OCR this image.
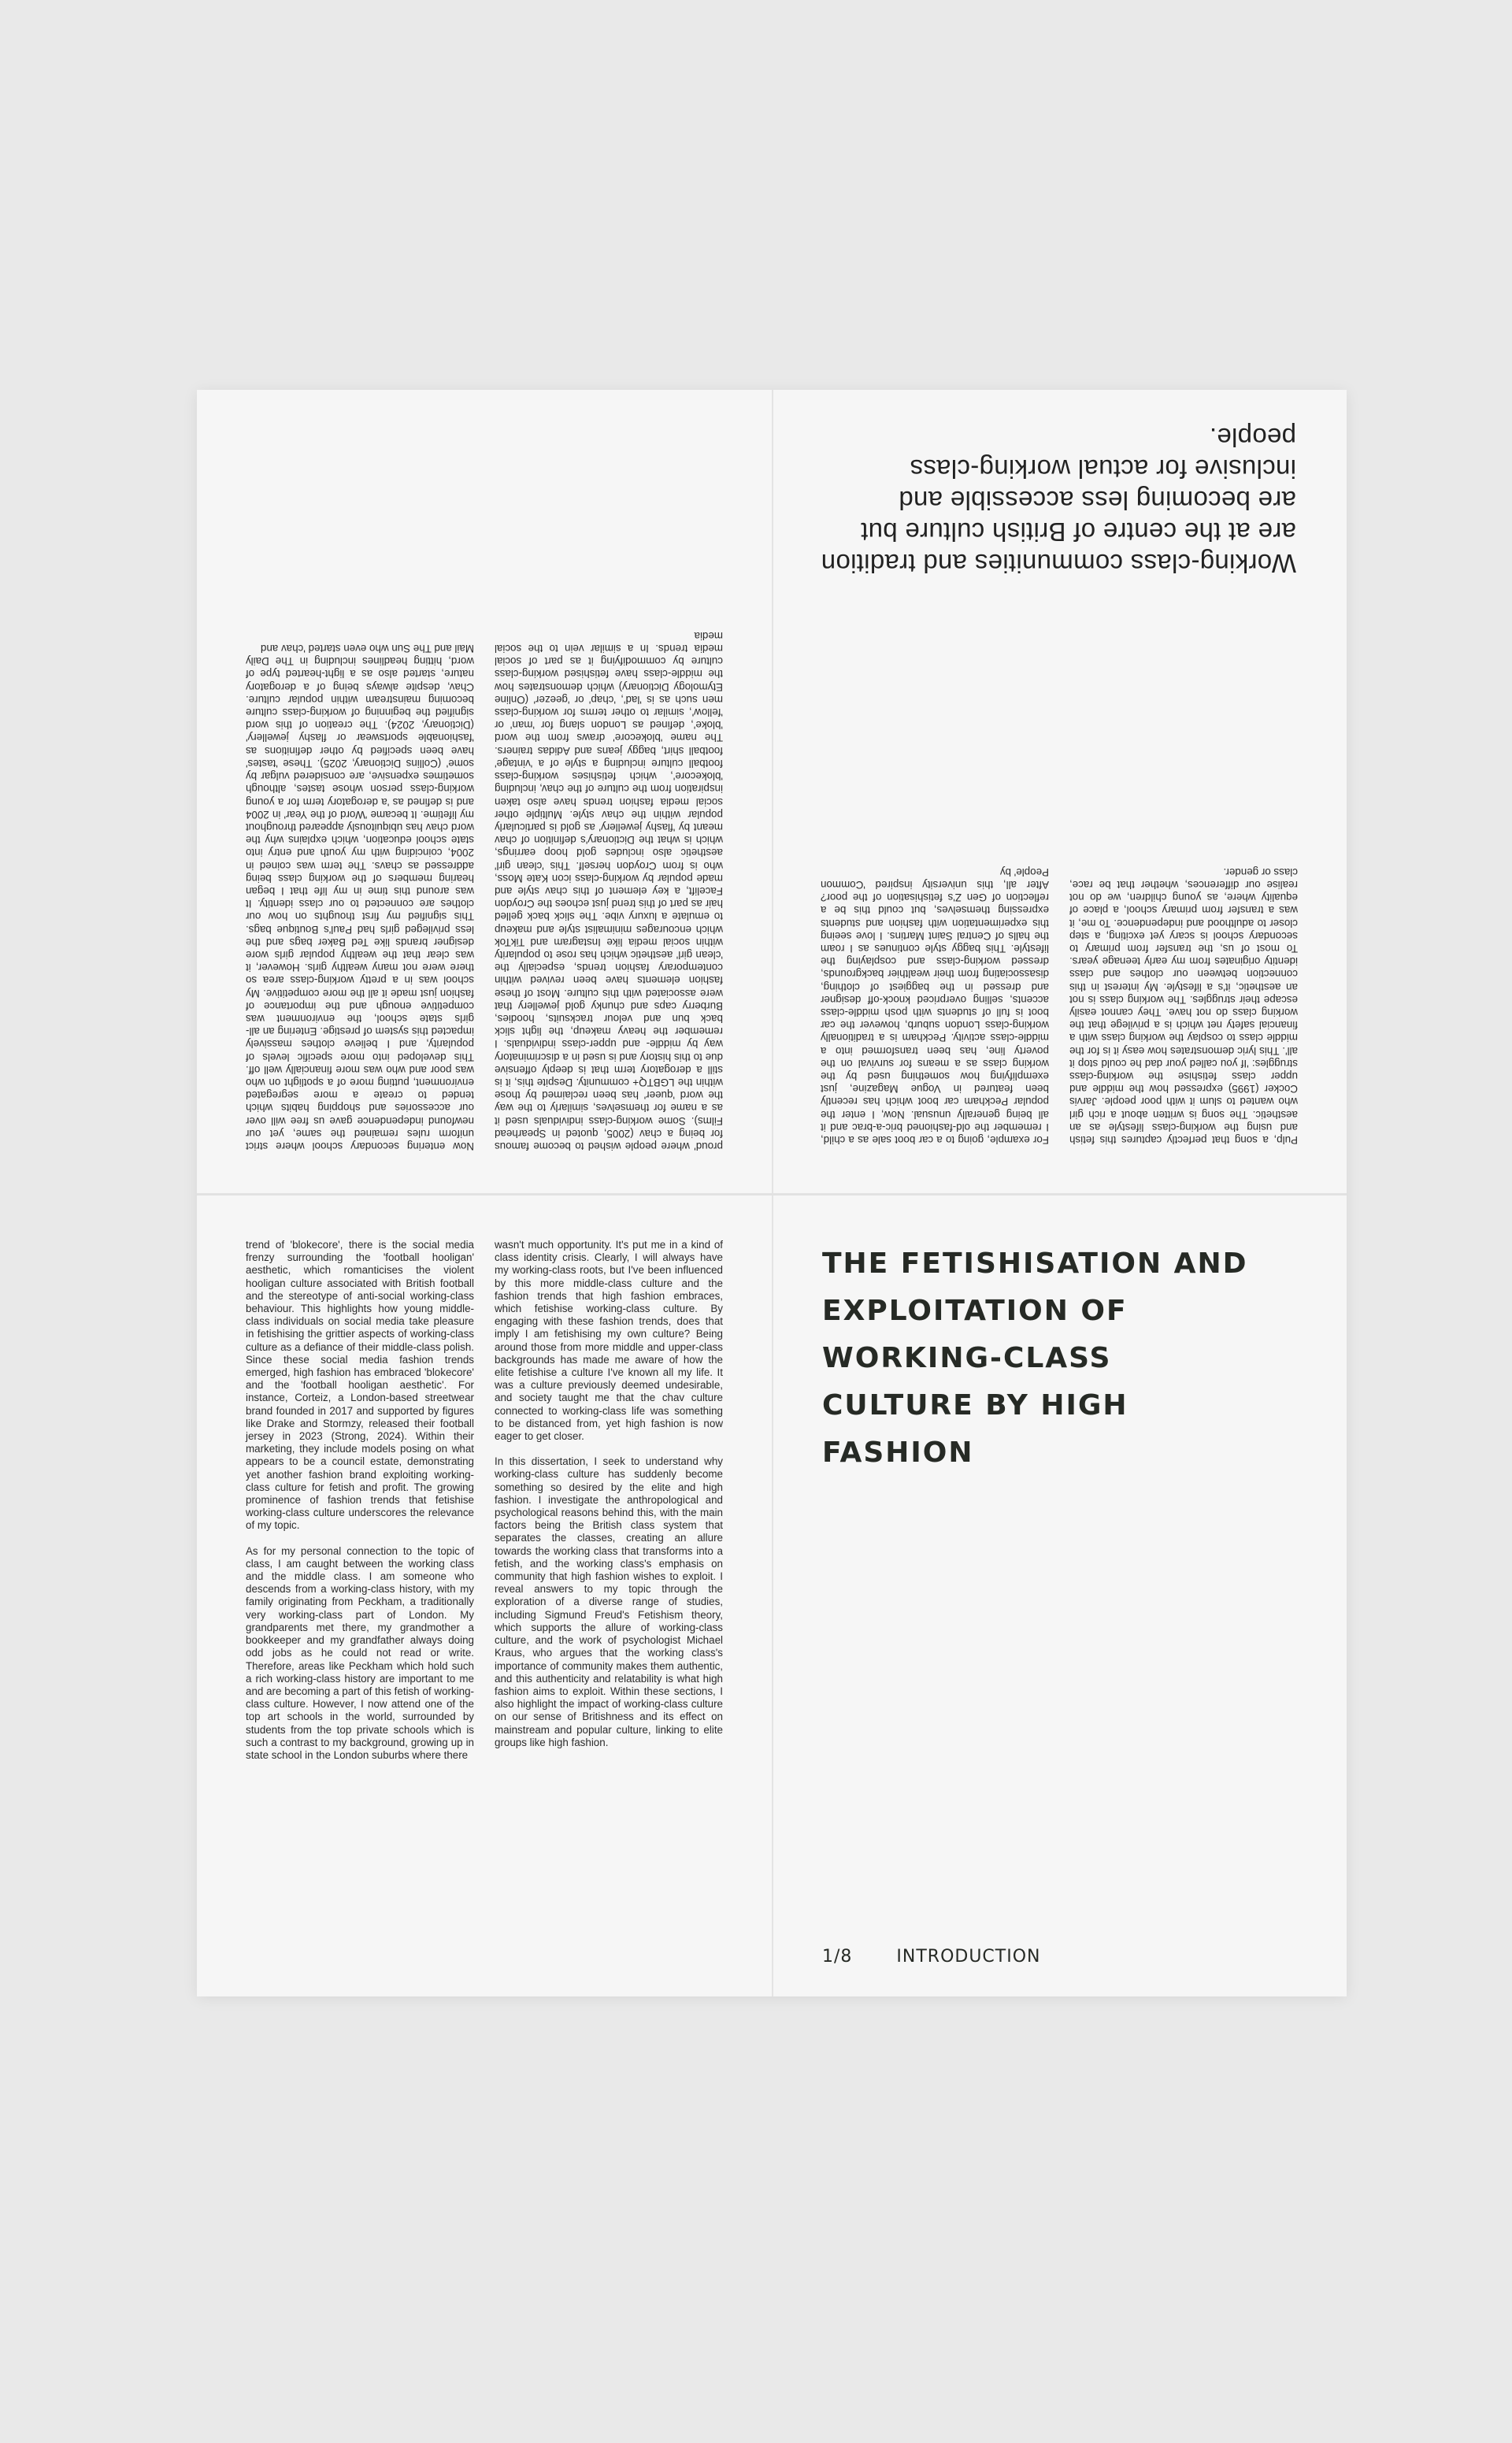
proud' where people wished to become famous for being a chav (2005, quoted in Spearhead Films). Some working-class individuals used it as a name for themselves, similarly to the way the word 'queer' has been reclaimed by those within the LGBTQ+ community. Despite this, it is still a derogatory term that is deeply offensive due to this history and is used in a discriminatory way by middle- and upper-class individuals. I remember the heavy makeup, the light slick back bun and velour tracksuits, hoodies, Burberry caps and chunky gold jewellery that were associated with this culture. Most of these fashion elements have been revived within contemporary fashion trends, especially the 'clean girl' aesthetic which has rose to popularity within social media like Instagram and TikTok which encourages minimalist style and makeup to emulate a luxury vibe. The slick back gelled hair as part of this trend just echoes the Croydon Facelift, a key element of this chav style and made popular by working-class icon Kate Moss, who is from Croydon herself. This 'clean girl' aesthetic also includes gold hoop earrings, which is what the Dictionary's definition of chav meant by 'flashy jewellery' as gold is particularly popular within the chav style. Multiple other social media fashion trends have also taken inspiration from the culture of the chav, including 'blokecore', which fetishises working-class football culture including a style of a 'vintage' football shirt, baggy jeans and Adidas trainers. The name 'blokecore' draws from the word 'bloke', defined as London slang for 'man' or 'fellow', similar to other terms for working-class men such as is 'lad', 'chap' or 'geezer' (Online Etymology Dictionary) which demonstrates how the middle-class have fetishised working-class culture by commodifying it as part of social media trends. In a similar vein to the social media

Now entering secondary school where strict uniform rules remained the same, yet our newfound independence gave us free will over our accessories and shopping habits which tended to create a more segregated environment, putting more of a spotlight on who was poor and who was more financially well off. This developed into more specific levels of popularity, and I believe clothes massively impacted this system of prestige. Entering an all-girls state school, the environment was competitive enough and the importance of fashion just made it all the more competitive. My school was in a pretty working-class area so there were not many wealthy girls. However, it was clear that the wealthy popular girls wore designer brands like Ted Baker bags and the less privileged girls had Paul's Boutique bags. This signified my first thoughts on how our clothes are connected to our class identity. It was around this time in my life that I began hearing members of the working class being addressed as chavs. The term was coined in 2004, coinciding with my youth and entry into state school education, which explains why the word chav has ubiquitously appeared throughout my lifetime. It became 'Word of the Year' in 2004 and is defined as 'a derogatory term for a young working-class person whose tastes, although sometimes expensive, are considered vulgar by some' (Collins Dictionary, 2025). These 'tastes' have been specified by other definitions as 'fashionable sportswear or flashy jewellery' (Dictionary, 2024). The creation of this word signified the beginning of working-class culture becoming mainstream within popular culture. Chav, despite always being of a derogatory nature, started also as a light-hearted type of word, hitting headlines including in The Daily Mail and The Sun who even started 'chav and

Working-class communities and tradition are at the centre of British culture but are becoming less accessible and inclusive for actual working-class people.

Pulp, a song that perfectly captures this fetish and using the working-class lifestyle as an aesthetic. The song is written about a rich girl who wanted to slum it with poor people. Jarvis Cocker (1995) expressed how the middle and upper class fetishise the working-class struggles: 'If you called your dad he could stop it all'. This lyric demonstrates how easy it is for the middle class to cosplay the working class with a financial safety net which is a privilege that the working class do not have. They cannot easily escape their struggles. The working class is not an aesthetic, it's a lifestyle. My interest in this connection between our clothes and class identity originates from my early teenage years. To most of us, the transfer from primary to secondary school is scary yet exciting, a step closer to adulthood and independence. To me, it was a transfer from primary school, a place of equality where, as young children, we do not realise our differences, whether that be race, class or gender.

For example, going to a car boot sale as a child, I remember the old-fashioned bric-a-brac and it all being generally unusual. Now, I enter the popular Peckham car boot which has recently been featured in Vogue Magazine, just exemplifying how something used by the working class as a means for survival on the poverty line, has been transformed into a middle-class activity. Peckham is a traditionally working-class London suburb, however the car boot is full of students with posh middle-class accents, selling overpriced knock-off designer and dressed in the baggiest of clothing, disassociating from their wealthier backgrounds, dressed working-class and cosplaying the lifestyle. This baggy style continues as I roam the halls of Central Saint Martins. I love seeing this experimentation with fashion and students expressing themselves, but could this be a reflection of Gen Z's fetishisation of the poor? After all, this university inspired 'Common People' by

trend of 'blokecore', there is the social media frenzy surrounding the 'football hooligan' aesthetic, which romanticises the violent hooligan culture associated with British football and the stereotype of anti-social working-class behaviour. This highlights how young middle-class individuals on social media take pleasure in fetishising the grittier aspects of working-class culture as a defiance of their middle-class polish. Since these social media fashion trends emerged, high fashion has embraced 'blokecore' and the 'football hooligan aesthetic'. For instance, Corteiz, a London-based streetwear brand founded in 2017 and supported by figures like Drake and Stormzy, released their football jersey in 2023 (Strong, 2024). Within their marketing, they include models posing on what appears to be a council estate, demonstrating yet another fashion brand exploiting working-class culture for fetish and profit. The growing prominence of fashion trends that fetishise working-class culture underscores the relevance of my topic.

As for my personal connection to the topic of class, I am caught between the working class and the middle class. I am someone who descends from a working-class history, with my family originating from Peckham, a traditionally very working-class part of London. My grandparents met there, my grandmother a bookkeeper and my grandfather always doing odd jobs as he could not read or write. Therefore, areas like Peckham which hold such a rich working-class history are important to me and are becoming a part of this fetish of working-class culture. However, I now attend one of the top art schools in the world, surrounded by students from the top private schools which is such a contrast to my background, growing up in state school in the London suburbs where there

wasn't much opportunity. It's put me in a kind of class identity crisis. Clearly, I will always have my working-class roots, but I've been influenced by this more middle-class culture and the fashion trends that high fashion embraces, which fetishise working-class culture. By engaging with these fashion trends, does that imply I am fetishising my own culture? Being around those from more middle and upper-class backgrounds has made me aware of how the elite fetishise a culture I've known all my life. It was a culture previously deemed undesirable, and society taught me that the chav culture connected to working-class life was something to be distanced from, yet high fashion is now eager to get closer.

In this dissertation, I seek to understand why working-class culture has suddenly become something so desired by the elite and high fashion. I investigate the anthropological and psychological reasons behind this, with the main factors being the British class system that separates the classes, creating an allure towards the working class that transforms into a fetish, and the working class's emphasis on community that high fashion wishes to exploit. I reveal answers to my topic through the exploration of a diverse range of studies, including Sigmund Freud's Fetishism theory, which supports the allure of working-class culture, and the work of psychologist Michael Kraus, who argues that the working class's importance of community makes them authentic, and this authenticity and relatability is what high fashion aims to exploit. Within these sections, I also highlight the impact of working-class culture on our sense of Britishness and its effect on mainstream and popular culture, linking to elite groups like high fashion.

THE FETISHISATION AND EXPLOITATION OF WORKING-CLASS CULTURE BY HIGH FASHION
1/8	INTRODUCTION
